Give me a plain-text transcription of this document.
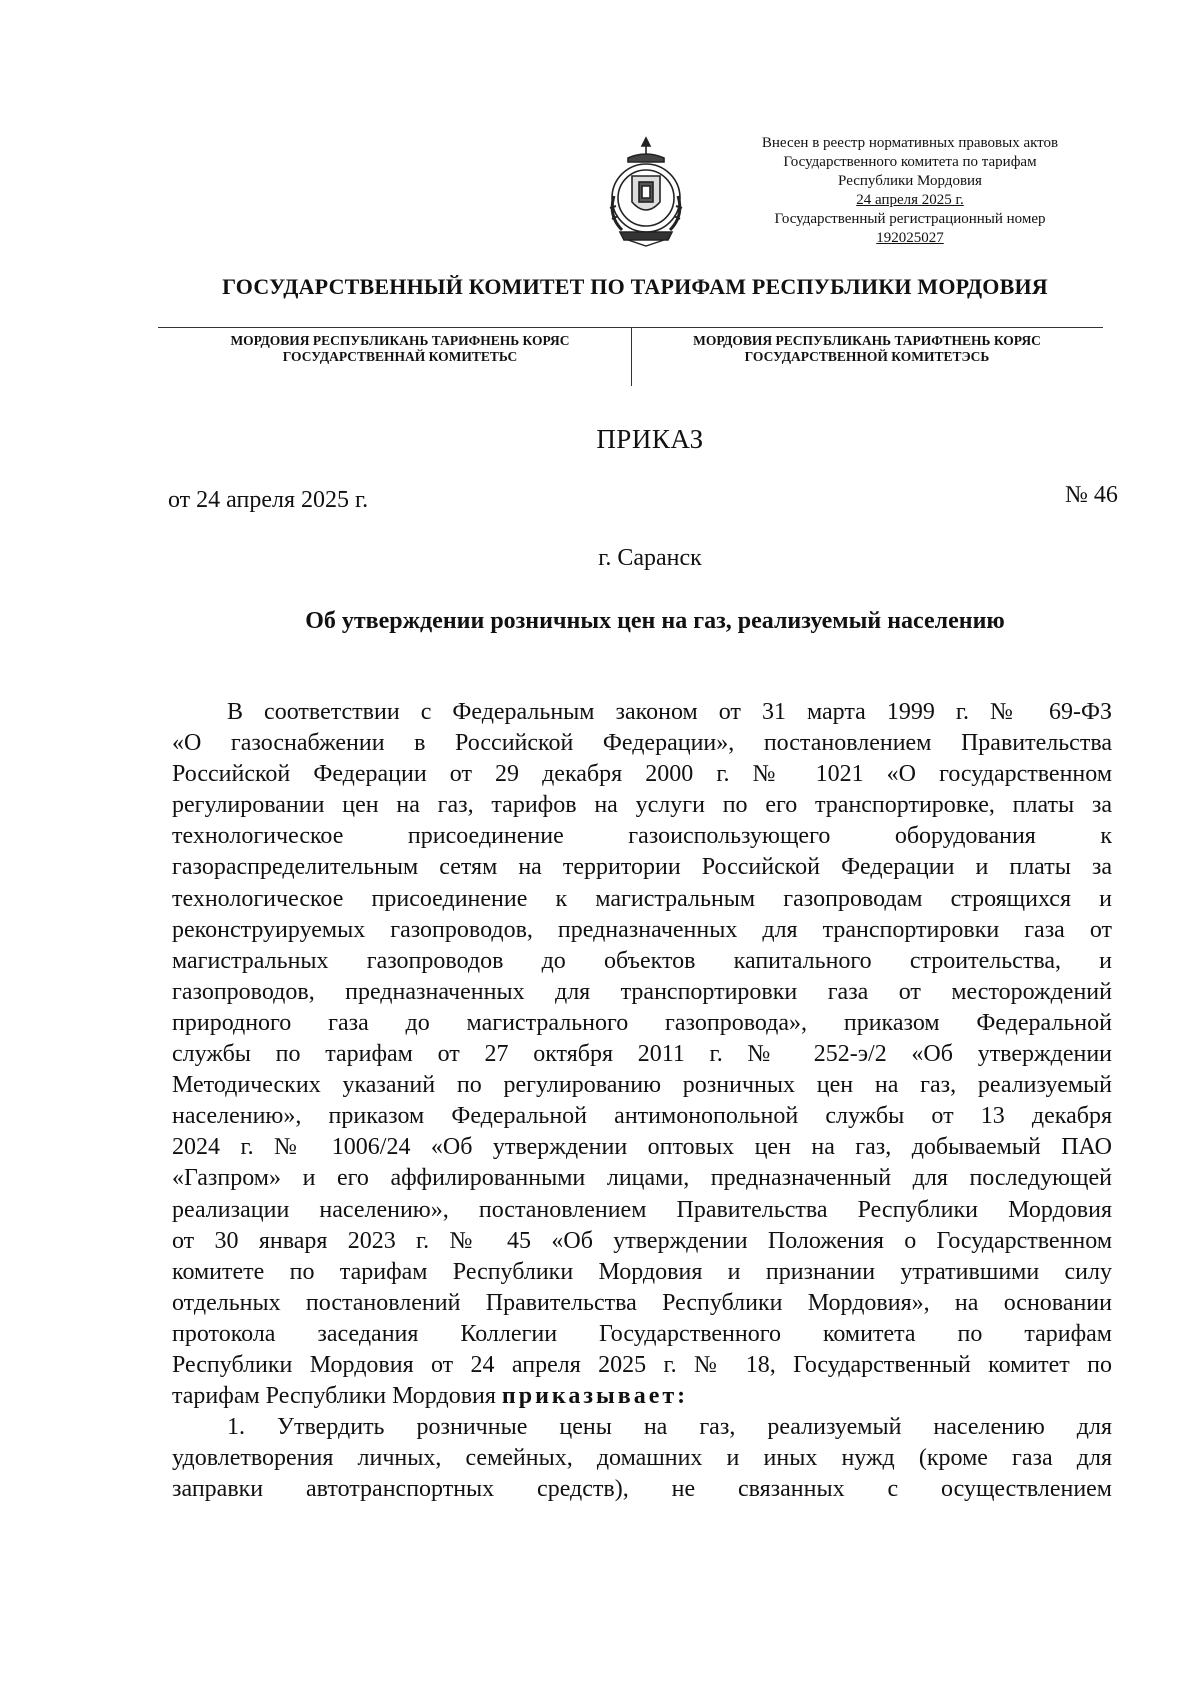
Внесен в реестр нормативных правовых актов
Государственного комитета по тарифам
Республики Мордовия
24 апреля 2025 г.
Государственный регистрационный номер
192025027
ГОСУДАРСТВЕННЫЙ КОМИТЕТ ПО ТАРИФАМ РЕСПУБЛИКИ МОРДОВИЯ
МОРДОВИЯ РЕСПУБЛИКАНЬ ТАРИФНЕНЬ КОРЯС
ГОСУДАРСТВЕННАЙ КОМИТЕТЬС
МОРДОВИЯ РЕСПУБЛИКАНЬ ТАРИФТНЕНЬ КОРЯС
ГОСУДАРСТВЕННОЙ КОМИТЕТЭСЬ
ПРИКАЗ
от 24 апреля 2025 г.	№ 46
г. Саранск
Об утверждении розничных цен на газ, реализуемый населению
В соответствии с Федеральным законом от 31 марта 1999 г. № 69-ФЗ
«О газоснабжении в Российской Федерации», постановлением Правительства
Российской Федерации от 29 декабря 2000 г. № 1021 «О государственном
регулировании цен на газ, тарифов на услуги по его транспортировке, платы за
технологическое присоединение газоиспользующего оборудования к
газораспределительным сетям на территории Российской Федерации и платы за
технологическое присоединение к магистральным газопроводам строящихся и
реконструируемых газопроводов, предназначенных для транспортировки газа от
магистральных газопроводов до объектов капитального строительства, и
газопроводов, предназначенных для транспортировки газа от месторождений
природного газа до магистрального газопровода», приказом Федеральной
службы по тарифам от 27 октября 2011 г. № 252-э/2 «Об утверждении
Методических указаний по регулированию розничных цен на газ, реализуемый
населению», приказом Федеральной антимонопольной службы от 13 декабря
2024 г. № 1006/24 «Об утверждении оптовых цен на газ, добываемый ПАО
«Газпром» и его аффилированными лицами, предназначенный для последующей
реализации населению», постановлением Правительства Республики Мордовия
от 30 января 2023 г. № 45 «Об утверждении Положения о Государственном
комитете по тарифам Республики Мордовия и признании утратившими силу
отдельных постановлений Правительства Республики Мордовия», на основании
протокола заседания Коллегии Государственного комитета по тарифам
Республики Мордовия от 24 апреля 2025 г. № 18, Государственный комитет по
тарифам Республики Мордовия приказывает:
1. Утвердить розничные цены на газ, реализуемый населению для
удовлетворения личных, семейных, домашних и иных нужд (кроме газа для
заправки автотранспортных средств), не связанных с осуществлением
